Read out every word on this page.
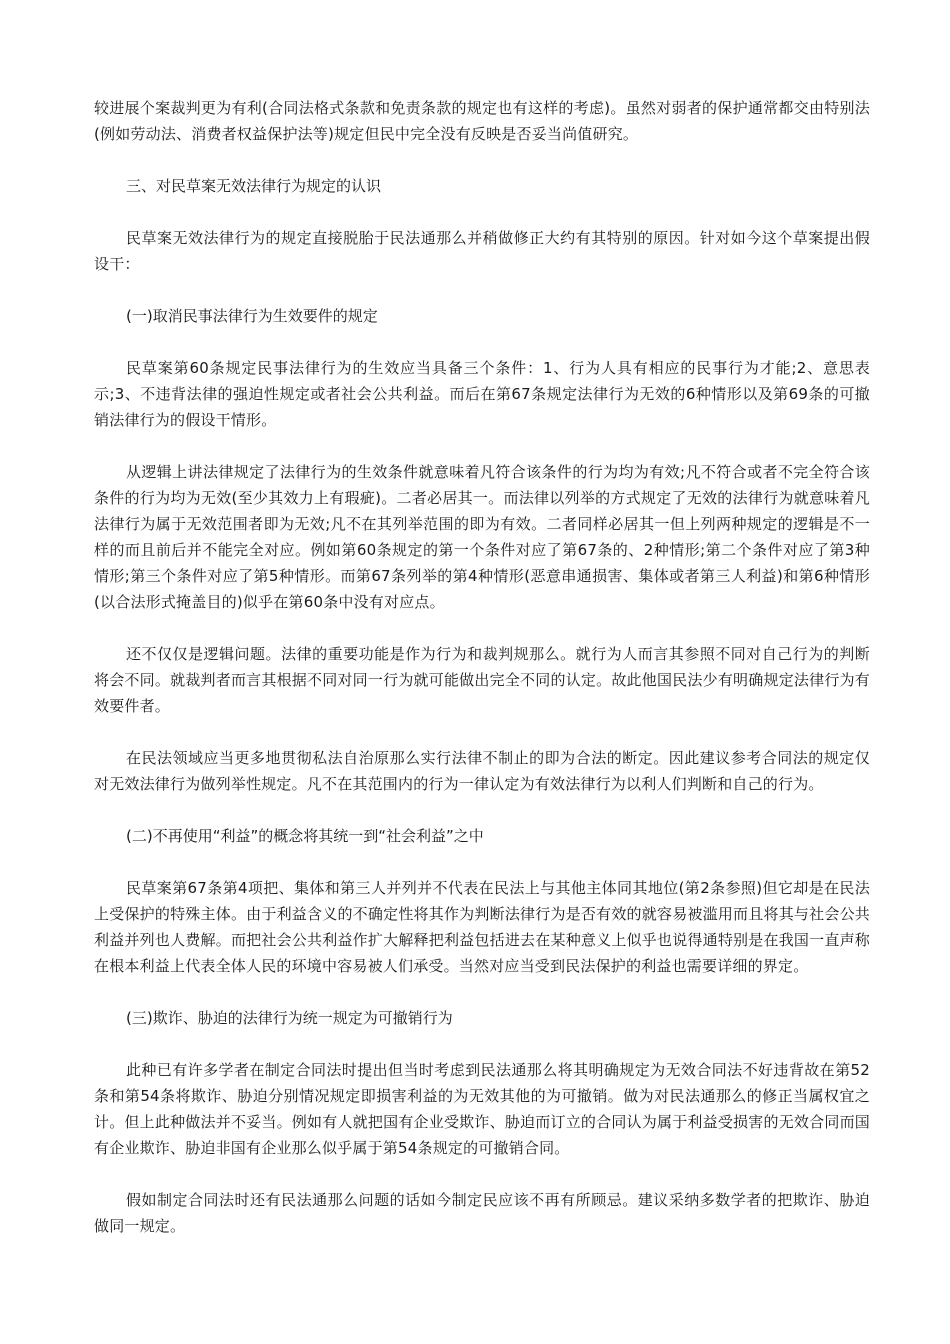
较进展个案裁判更为有利(合同法格式条款和免责条款的规定也有这样的考虑)。虽然对弱者的保护通常都交由特别法(例如劳动法、消费者权益保护法等)规定但民中完全没有反映是否妥当尚值研究。

三、对民草案无效法律行为规定的认识

民草案无效法律行为的规定直接脱胎于民法通那么并稍做修正大约有其特别的原因。针对如今这个草案提出假设干：

(一)取消民事法律行为生效要件的规定

民草案第60条规定民事法律行为的生效应当具备三个条件：1、行为人具有相应的民事行为才能;2、意思表示;3、不违背法律的强迫性规定或者社会公共利益。而后在第67条规定法律行为无效的6种情形以及第69条的可撤销法律行为的假设干情形。

从逻辑上讲法律规定了法律行为的生效条件就意味着凡符合该条件的行为均为有效;凡不符合或者不完全符合该条件的行为均为无效(至少其效力上有瑕疵)。二者必居其一。而法律以列举的方式规定了无效的法律行为就意味着凡法律行为属于无效范围者即为无效;凡不在其列举范围的即为有效。二者同样必居其一但上列两种规定的逻辑是不一样的而且前后并不能完全对应。例如第60条规定的第一个条件对应了第67条的、2种情形;第二个条件对应了第3种情形;第三个条件对应了第5种情形。而第67条列举的第4种情形(恶意串通损害、集体或者第三人利益)和第6种情形(以合法形式掩盖目的)似乎在第60条中没有对应点。

还不仅仅是逻辑问题。法律的重要功能是作为行为和裁判规那么。就行为人而言其参照不同对自己行为的判断将会不同。就裁判者而言其根据不同对同一行为就可能做出完全不同的认定。故此他国民法少有明确规定法律行为有效要件者。

在民法领域应当更多地贯彻私法自治原那么实行法律不制止的即为合法的断定。因此建议参考合同法的规定仅对无效法律行为做列举性规定。凡不在其范围内的行为一律认定为有效法律行为以利人们判断和自己的行为。

(二)不再使用“利益”的概念将其统一到“社会利益”之中

民草案第67条第4项把、集体和第三人并列并不代表在民法上与其他主体同其地位(第2条参照)但它却是在民法上受保护的特殊主体。由于利益含义的不确定性将其作为判断法律行为是否有效的就容易被滥用而且将其与社会公共利益并列也人费解。而把社会公共利益作扩大解释把利益包括进去在某种意义上似乎也说得通特别是在我国一直声称在根本利益上代表全体人民的环境中容易被人们承受。当然对应当受到民法保护的利益也需要详细的界定。

(三)欺诈、胁迫的法律行为统一规定为可撤销行为

此种已有许多学者在制定合同法时提出但当时考虑到民法通那么将其明确规定为无效合同法不好违背故在第52条和第54条将欺诈、胁迫分别情况规定即损害利益的为无效其他的为可撤销。做为对民法通那么的修正当属权宜之计。但上此种做法并不妥当。例如有人就把国有企业受欺诈、胁迫而订立的合同认为属于利益受损害的无效合同而国有企业欺诈、胁迫非国有企业那么似乎属于第54条规定的可撤销合同。

假如制定合同法时还有民法通那么问题的话如今制定民应该不再有所顾忌。建议采纳多数学者的把欺诈、胁迫做同一规定。
